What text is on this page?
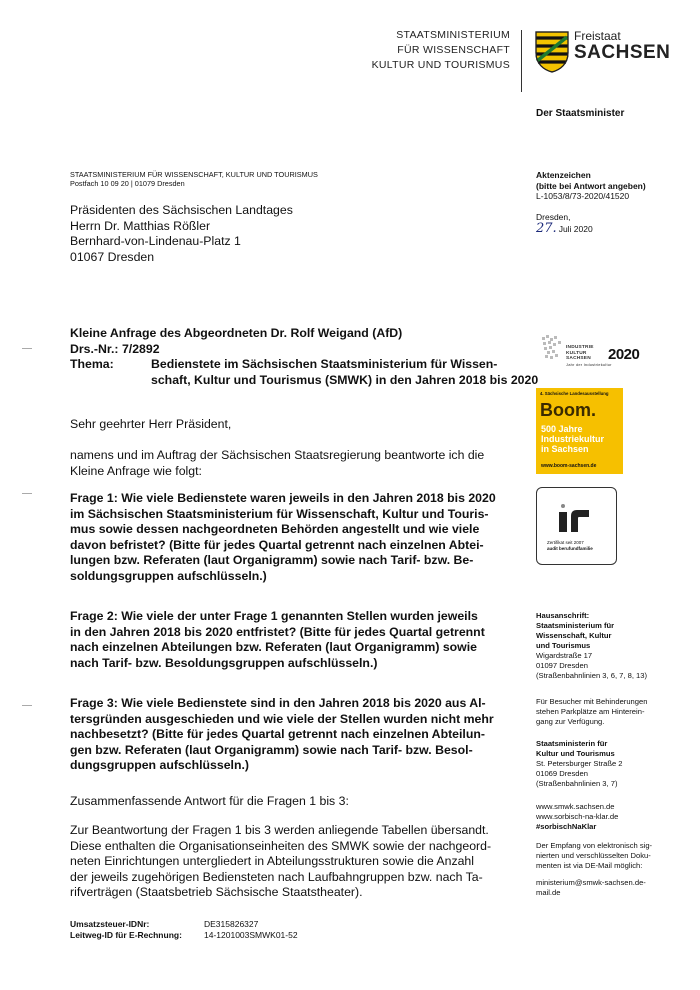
STAATSMINISTERIUM
FÜR WISSENSCHAFT
KULTUR UND TOURISMUS
Freistaat
SACHSEN
Der Staatsminister
STAATSMINISTERIUM FÜR WISSENSCHAFT, KULTUR UND TOURISMUS
Postfach 10 09 20 | 01079 Dresden
Präsidenten des Sächsischen Landtages
Herrn Dr. Matthias Rößler
Bernhard-von-Lindenau-Platz 1
01067 Dresden
Aktenzeichen
(bitte bei Antwort angeben)
L-1053/8/73-2020/41520
Dresden,
27. Juli 2020
Kleine Anfrage des Abgeordneten Dr. Rolf Weigand (AfD)
Drs.-Nr.: 7/2892
Thema:	Bedienstete im Sächsischen Staatsministerium für Wissen-
schaft, Kultur und Tourismus (SMWK) in den Jahren 2018 bis 2020
Sehr geehrter Herr Präsident,
namens und im Auftrag der Sächsischen Staatsregierung beantworte ich die
Kleine Anfrage wie folgt:
Frage 1: Wie viele Bedienstete waren jeweils in den Jahren 2018 bis 2020
im Sächsischen Staatsministerium für Wissenschaft, Kultur und Touris-
mus sowie dessen nachgeordneten Behörden angestellt und wie viele
davon befristet? (Bitte für jedes Quartal getrennt nach einzelnen Abtei-
lungen bzw. Referaten (laut Organigramm) sowie nach Tarif- bzw. Be-
soldungsgruppen aufschlüsseln.)
Frage 2: Wie viele der unter Frage 1 genannten Stellen wurden jeweils
in den Jahren 2018 bis 2020 entfristet? (Bitte für jedes Quartal getrennt
nach einzelnen Abteilungen bzw. Referaten (laut Organigramm) sowie
nach Tarif- bzw. Besoldungsgruppen aufschlüsseln.)
Frage 3: Wie viele Bedienstete sind in den Jahren 2018 bis 2020 aus Al-
tersgründen ausgeschieden und wie viele der Stellen wurden nicht mehr
nachbesetzt? (Bitte für jedes Quartal getrennt nach einzelnen Abteilun-
gen bzw. Referaten (laut Organigramm) sowie nach Tarif- bzw. Besol-
dungsgruppen aufschlüsseln.)
Zusammenfassende Antwort für die Fragen 1 bis 3:
Zur Beantwortung der Fragen 1 bis 3 werden anliegende Tabellen übersandt.
Diese enthalten die Organisationseinheiten des SMWK sowie der nachgeord-
neten Einrichtungen untergliedert in Abteilungsstrukturen sowie die Anzahl
der jeweils zugehörigen Bediensteten nach Laufbahngruppen bzw. nach Ta-
rifverträgen (Staatsbetrieb Sächsische Staatstheater).
INDUSTRIE
KULTUR
SACHSEN
Jahr der Industriekultur
2020
4. Sächsische Landesausstellung
Boom.
500 Jahre
Industriekultur
in Sachsen
www.boom-sachsen.de
Zertifikat seit 2007
audit berufundfamilie
Hausanschrift:
Staatsministerium für
Wissenschaft, Kultur
und Tourismus
Wigardstraße 17
01097 Dresden
(Straßenbahnlinien 3, 6, 7, 8, 13)
Für Besucher mit Behinderungen
stehen Parkplätze am Hinterein-
gang zur Verfügung.
Staatsministerin für
Kultur und Tourismus
St. Petersburger Straße 2
01069 Dresden
(Straßenbahnlinien 3, 7)
www.smwk.sachsen.de
www.sorbisch-na-klar.de
#sorbischNaKlar
Der Empfang von elektronisch sig-
nierten und verschlüsselten Doku-
menten ist via DE-Mail möglich:
ministerium@smwk-sachsen.de-
mail.de
Umsatzsteuer-IDNr:
Leitweg-ID für E-Rechnung:
DE315826327
14-1201003SMWK01-52
